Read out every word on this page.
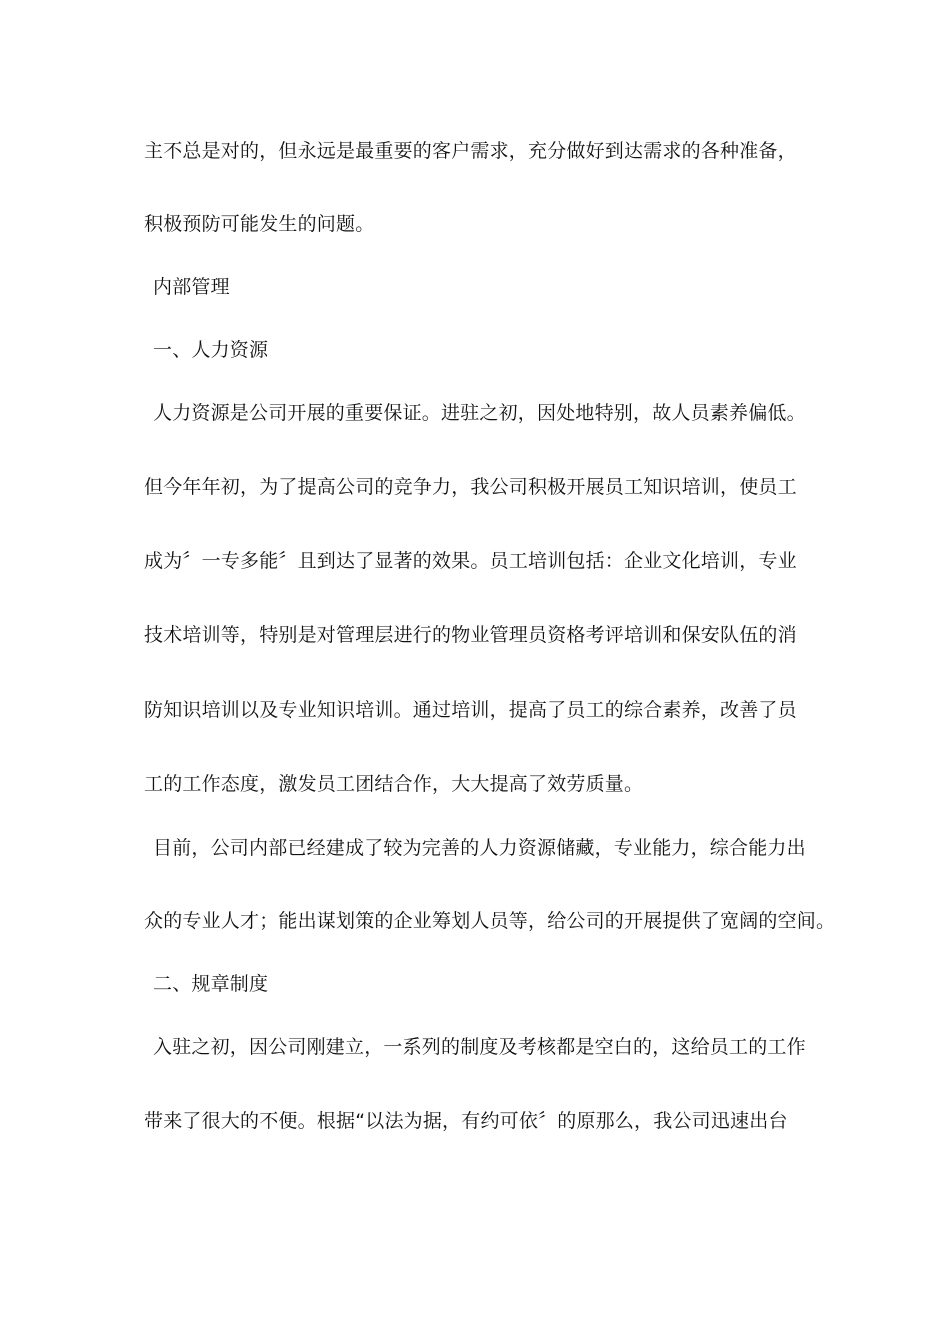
主不总是对的，但永远是最重要的客户需求，充分做好到达需求的各种准备，
积极预防可能发生的问题。
内部管理
一、人力资源
人力资源是公司开展的重要保证。进驻之初，因处地特别，故人员素养偏低。
但今年年初，为了提高公司的竞争力，我公司积极开展员工知识培训，使员工
成为〞一专多能〞且到达了显著的效果。员工培训包括：企业文化培训，专业
技术培训等，特别是对管理层进行的物业管理员资格考评培训和保安队伍的消
防知识培训以及专业知识培训。通过培训，提高了员工的综合素养，改善了员
工的工作态度，激发员工团结合作，大大提高了效劳质量。
目前，公司内部已经建成了较为完善的人力资源储藏，专业能力，综合能力出
众的专业人才；能出谋划策的企业筹划人员等，给公司的开展提供了宽阔的空间。
二、规章制度
入驻之初，因公司刚建立，一系列的制度及考核都是空白的，这给员工的工作
带来了很大的不便。根据“以法为据，有约可依〞的原那么，我公司迅速出台
